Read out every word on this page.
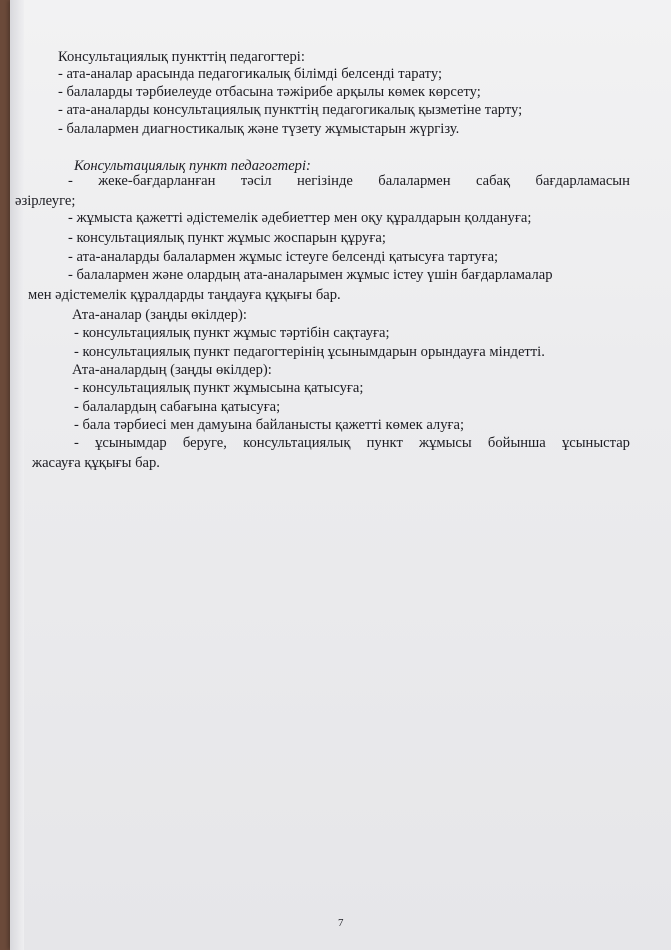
Консультациялық пункттің педагогтері:
- ата-аналар арасында педагогикалық білімді белсенді тарату;
- балаларды тәрбиелеуде отбасына тәжірибе арқылы көмек көрсету;
- ата-аналарды консультациялық пункттің педагогикалық қызметіне тарту;
- балалармен диагностикалық және түзету жұмыстарын жүргізу.
Консультациялық пункт педагогтері:
- жеке-бағдарланған тәсіл негізінде балалармен сабақ бағдарламасын
әзірлеуге;
- жұмыста қажетті әдістемелік әдебиеттер мен оқу құралдарын қолдануға;
- консультациялық пункт жұмыс жоспарын құруға;
- ата-аналарды балалармен жұмыс істеуге белсенді қатысуға тартуға;
- балалармен және олардың ата-аналарымен жұмыс істеу үшін бағдарламалар
мен әдістемелік құралдарды таңдауға құқығы бар.
Ата-аналар (заңды өкілдер):
- консультациялық пункт жұмыс тәртібін сақтауға;
- консультациялық пункт педагогтерінің ұсынымдарын орындауға міндетті.
Ата-аналардың (заңды өкілдер):
- консультациялық пункт жұмысына қатысуға;
- балалардың сабағына қатысуға;
- бала тәрбиесі мен дамуына байланысты қажетті көмек алуға;
- ұсынымдар беруге, консультациялық пункт жұмысы бойынша ұсыныстар
жасауға құқығы бар.
7
